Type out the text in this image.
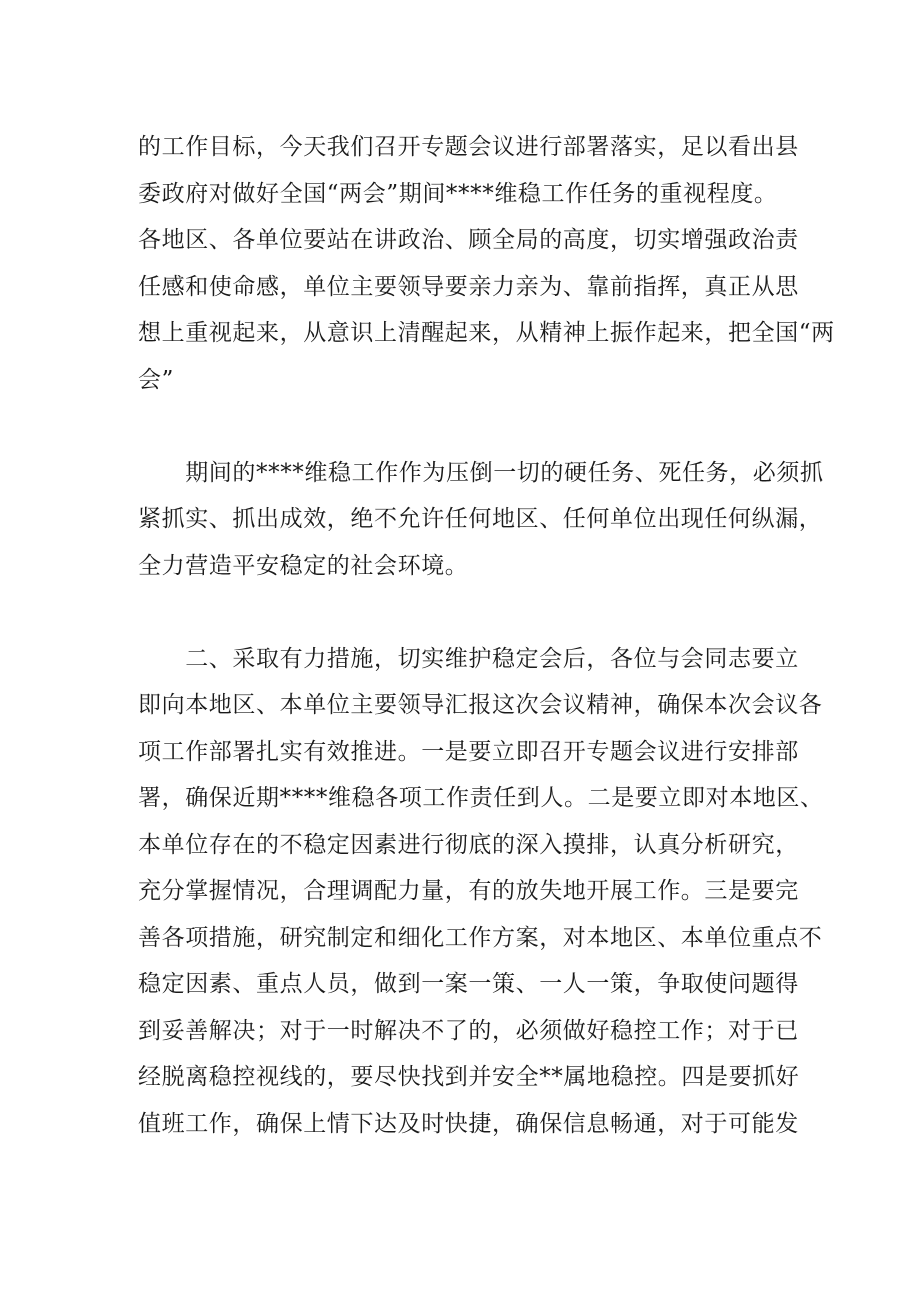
的工作目标，今天我们召开专题会议进行部署落实，足以看出县
委政府对做好全国“两会”期间****维稳工作任务的重视程度。
各地区、各单位要站在讲政治、顾全局的高度，切实增强政治责
任感和使命感，单位主要领导要亲力亲为、靠前指挥，真正从思
想上重视起来，从意识上清醒起来，从精神上振作起来，把全国“两
会”
　　期间的****维稳工作作为压倒一切的硬任务、死任务，必须抓
紧抓实、抓出成效，绝不允许任何地区、任何单位出现任何纵漏，
全力营造平安稳定的社会环境。
　　二、采取有力措施，切实维护稳定会后，各位与会同志要立
即向本地区、本单位主要领导汇报这次会议精神，确保本次会议各
项工作部署扎实有效推进。一是要立即召开专题会议进行安排部
署，确保近期****维稳各项工作责任到人。二是要立即对本地区、
本单位存在的不稳定因素进行彻底的深入摸排，认真分析研究，
充分掌握情况，合理调配力量，有的放失地开展工作。三是要完
善各项措施，研究制定和细化工作方案，对本地区、本单位重点不
稳定因素、重点人员，做到一案一策、一人一策，争取使问题得
到妥善解决；对于一时解决不了的，必须做好稳控工作；对于已
经脱离稳控视线的，要尽快找到并安全**属地稳控。四是要抓好
值班工作，确保上情下达及时快捷，确保信息畅通，对于可能发
